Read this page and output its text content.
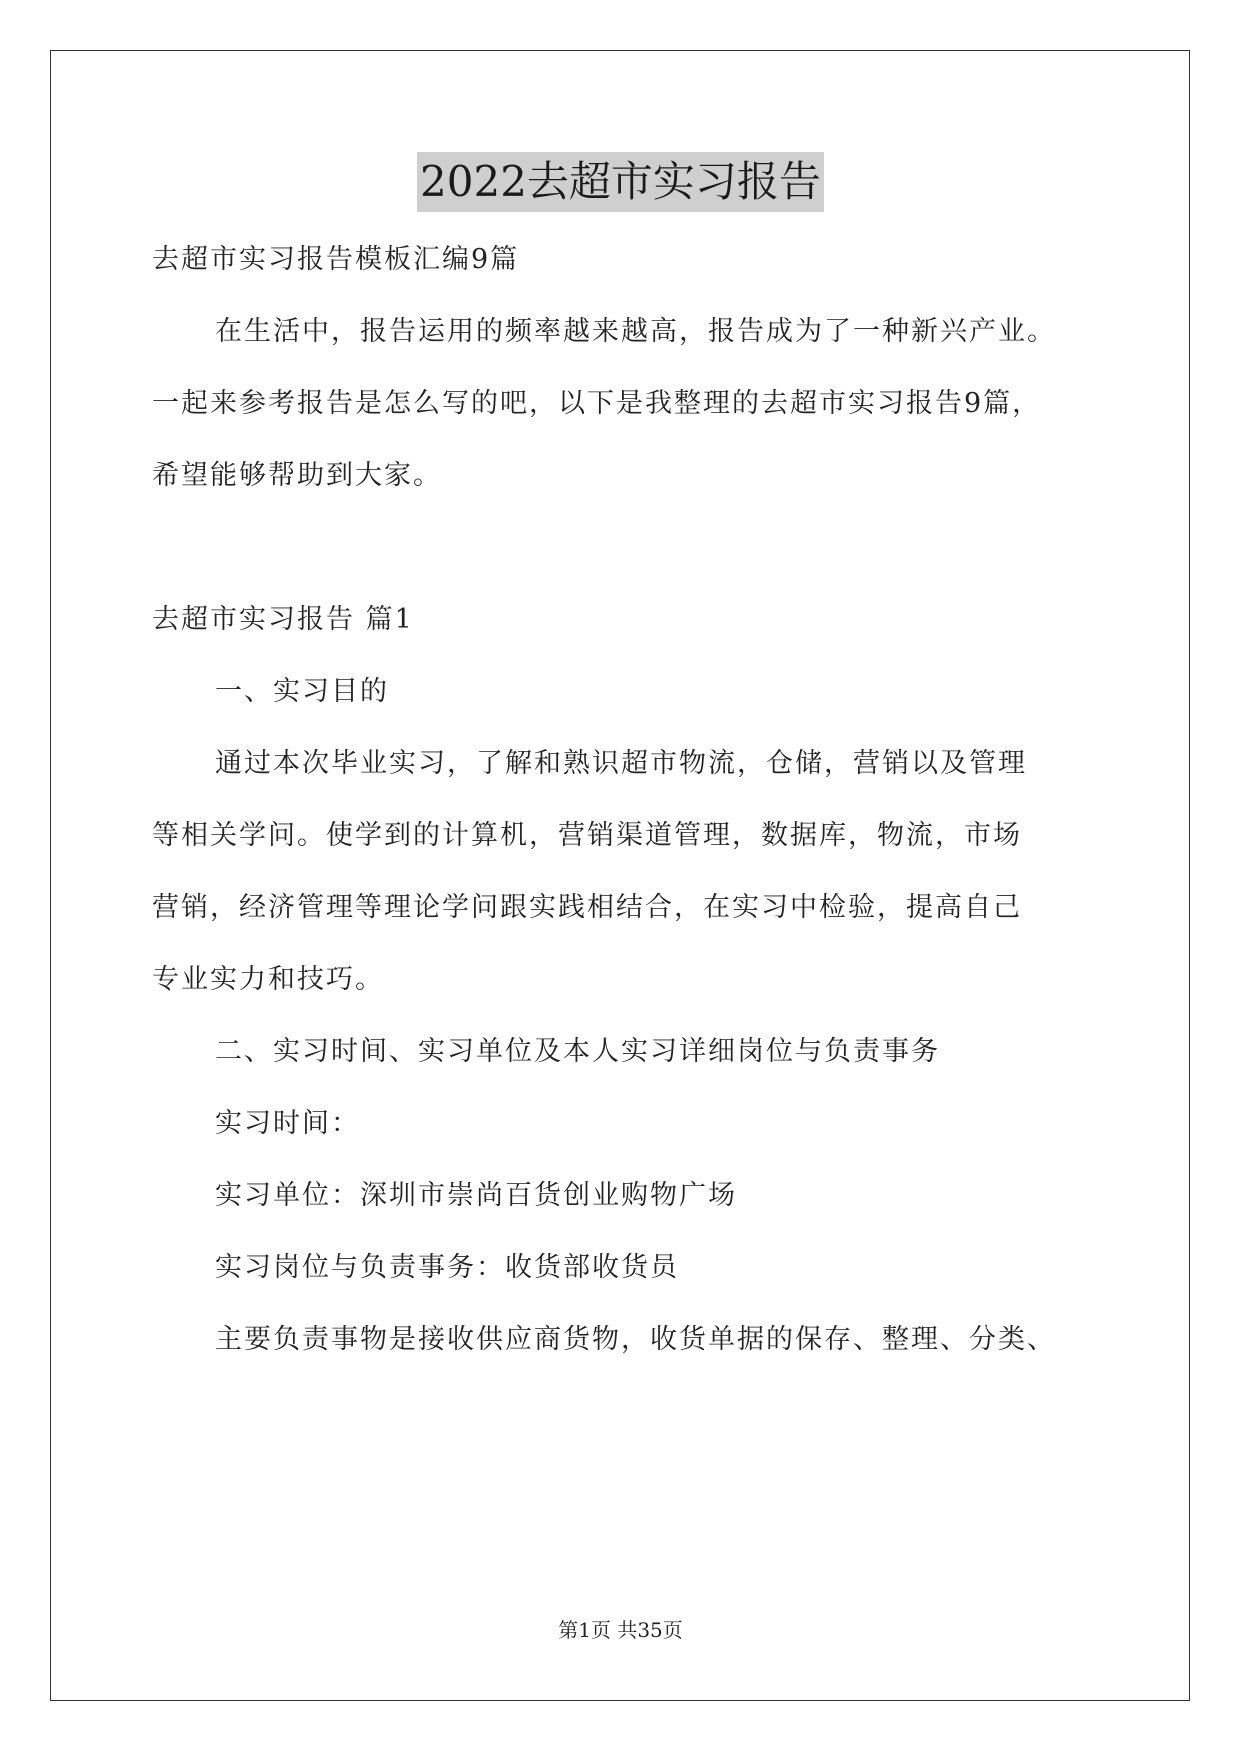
2022去超市实习报告
去超市实习报告模板汇编9篇
在生活中，报告运用的频率越来越高，报告成为了一种新兴产业。
一起来参考报告是怎么写的吧，以下是我整理的去超市实习报告9篇，
希望能够帮助到大家。
去超市实习报告 篇1
一、实习目的
通过本次毕业实习，了解和熟识超市物流，仓储，营销以及管理
等相关学问。使学到的计算机，营销渠道管理，数据库，物流，市场
营销，经济管理等理论学问跟实践相结合，在实习中检验，提高自己
专业实力和技巧。
二、实习时间、实习单位及本人实习详细岗位与负责事务
实习时间：
实习单位：深圳市崇尚百货创业购物广场
实习岗位与负责事务：收货部收货员
主要负责事物是接收供应商货物，收货单据的保存、整理、分类、
第1页 共35页
